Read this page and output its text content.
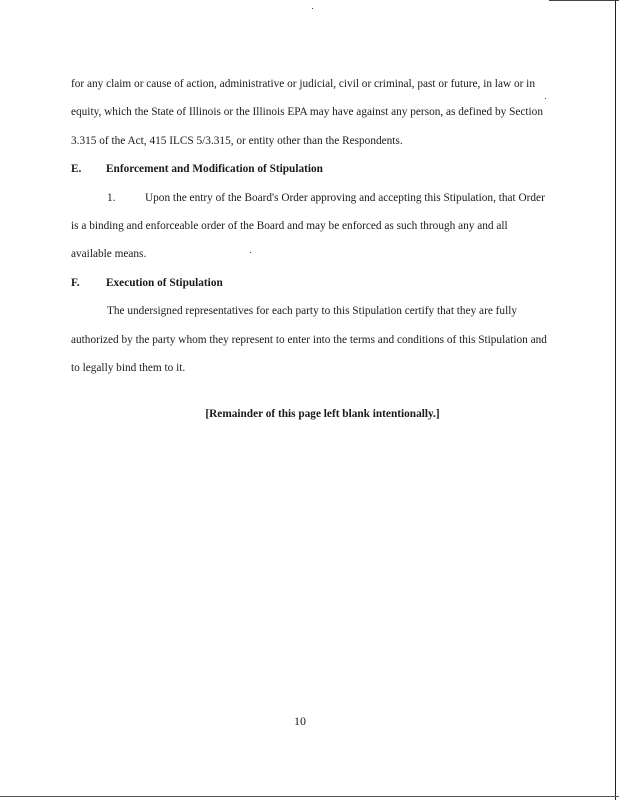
for any claim or cause of action, administrative or judicial, civil or criminal, past or future, in law or in equity, which the State of Illinois or the Illinois EPA may have against any person, as defined by Section 3.315 of the Act, 415 ILCS 5/3.315, or entity other than the Respondents.

E.	Enforcement and Modification of Stipulation

1.	Upon the entry of the Board's Order approving and accepting this Stipulation, that Order is a binding and enforceable order of the Board and may be enforced as such through any and all available means.

F.	Execution of Stipulation

The undersigned representatives for each party to this Stipulation certify that they are fully authorized by the party whom they represent to enter into the terms and conditions of this Stipulation and to legally bind them to it.

[Remainder of this page left blank intentionally.]
10
